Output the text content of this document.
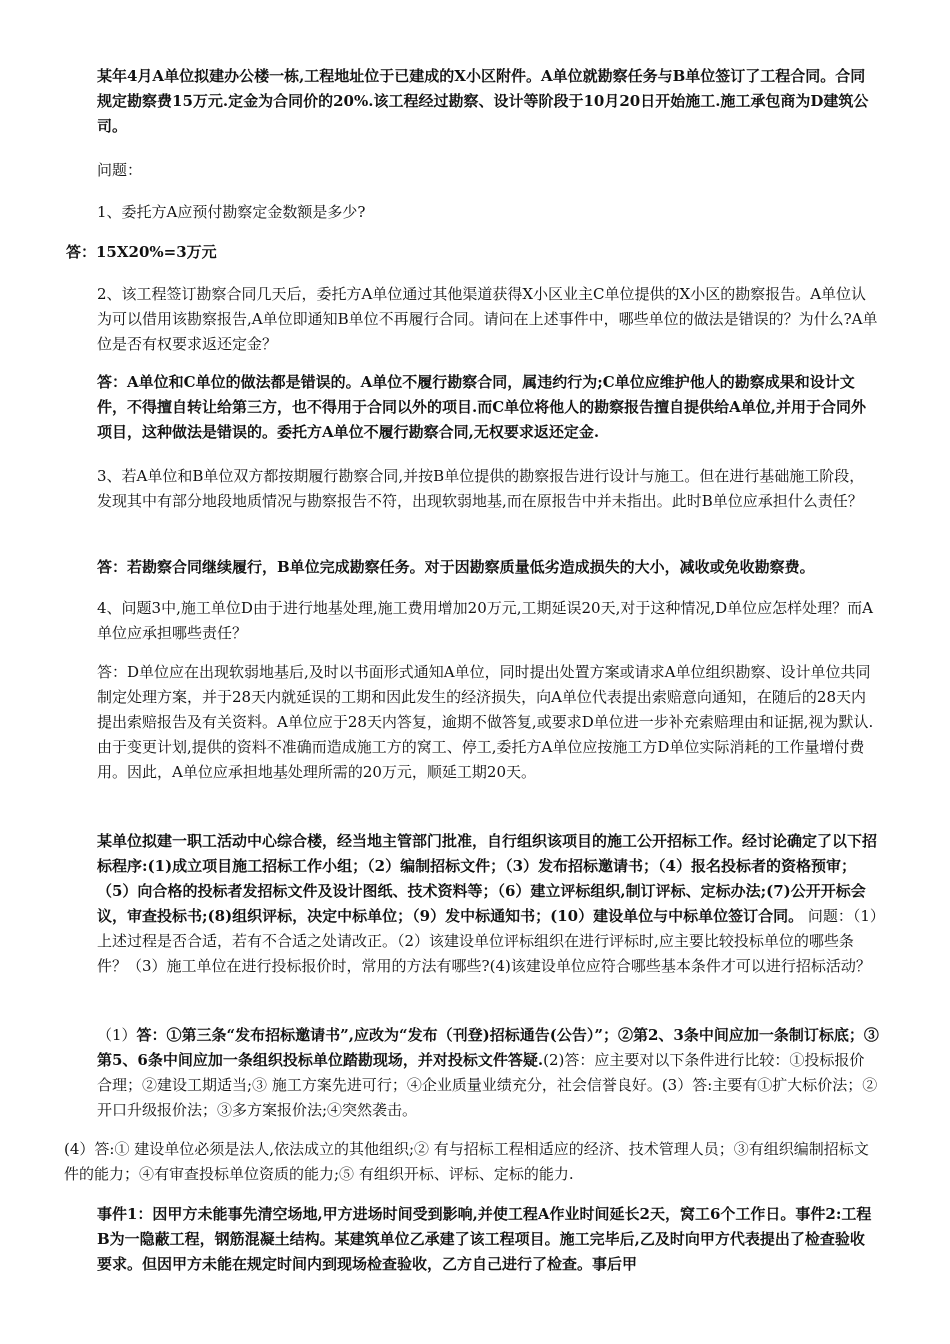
某年4月A单位拟建办公楼一栋,工程地址位于已建成的X小区附件。A单位就勘察任务与B单位签订了工程合同。合同规定勘察费15万元.定金为合同价的20%.该工程经过勘察、设计等阶段于10月20日开始施工.施工承包商为D建筑公司。

问题：

1、委托方A应预付勘察定金数额是多少?

答：15X20%=3万元

2、该工程签订勘察合同几天后，委托方A单位通过其他渠道获得X小区业主C单位提供的X小区的勘察报告。A单位认为可以借用该勘察报告,A单位即通知B单位不再履行合同。请问在上述事件中，哪些单位的做法是错误的？为什么?A单位是否有权要求返还定金？

答：A单位和C单位的做法都是错误的。A单位不履行勘察合同，属违约行为;C单位应维护他人的勘察成果和设计文件，不得擅自转让给第三方，也不得用于合同以外的项目.而C单位将他人的勘察报告擅自提供给A单位,并用于合同外项目，这种做法是错误的。委托方A单位不履行勘察合同,无权要求返还定金.

3、若A单位和B单位双方都按期履行勘察合同,并按B单位提供的勘察报告进行设计与施工。但在进行基础施工阶段，发现其中有部分地段地质情况与勘察报告不符，出现软弱地基,而在原报告中并未指出。此时B单位应承担什么责任？

答：若勘察合同继续履行，B单位完成勘察任务。对于因勘察质量低劣造成损失的大小，减收或免收勘察费。

4、问题3中,施工单位D由于进行地基处理,施工费用增加20万元,工期延误20天,对于这种情况,D单位应怎样处理？而A单位应承担哪些责任？

答：D单位应在出现软弱地基后,及时以书面形式通知A单位，同时提出处置方案或请求A单位组织勘察、设计单位共同制定处理方案，并于28天内就延误的工期和因此发生的经济损失，向A单位代表提出索赔意向通知，在随后的28天内提出索赔报告及有关资料。A单位应于28天内答复，逾期不做答复,或要求D单位进一步补充索赔理由和证据,视为默认.由于变更计划,提供的资料不准确而造成施工方的窝工、停工,委托方A单位应按施工方D单位实际消耗的工作量增付费用。因此，A单位应承担地基处理所需的20万元，顺延工期20天。

某单位拟建一职工活动中心综合楼，经当地主管部门批准，自行组织该项目的施工公开招标工作。经讨论确定了以下招标程序:(1)成立项目施工招标工作小组；（2）编制招标文件；（3）发布招标邀请书；（4）报名投标者的资格预审；（5）向合格的投标者发招标文件及设计图纸、技术资料等；（6）建立评标组织,制订评标、定标办法;(7)公开开标会议，审查投标书;(8)组织评标，决定中标单位；（9）发中标通知书；(10）建设单位与中标单位签订合同。 问题：（1）上述过程是否合适，若有不合适之处请改正。（2）该建设单位评标组织在进行评标时,应主要比较投标单位的哪些条件？（3）施工单位在进行投标报价时，常用的方法有哪些?(4)该建设单位应符合哪些基本条件才可以进行招标活动？

（1）答：①第三条“发布招标邀请书”,应改为“发布（刊登)招标通告(公告）”；②第2、3条中间应加一条制订标底；③第5、6条中间应加一条组织投标单位踏勘现场，并对投标文件答疑.(2)答：应主要对以下条件进行比较：①投标报价合理；②建设工期适当;③ 施工方案先进可行；④企业质量业绩充分，社会信誉良好。(3）答:主要有①扩大标价法；②开口升级报价法；③多方案报价法;④突然袭击。

(4）答:① 建设单位必须是法人,依法成立的其他组织;② 有与招标工程相适应的经济、技术管理人员；③有组织编制招标文件的能力；④有审查投标单位资质的能力;⑤ 有组织开标、评标、定标的能力.

事件1：因甲方未能事先清空场地,甲方进场时间受到影响,并使工程A作业时间延长2天，窝工6个工作日。事件2:工程B为一隐蔽工程，钢筋混凝土结构。某建筑单位乙承建了该工程项目。施工完毕后,乙及时向甲方代表提出了检查验收要求。但因甲方未能在规定时间内到现场检查验收，乙方自己进行了检查。事后甲
